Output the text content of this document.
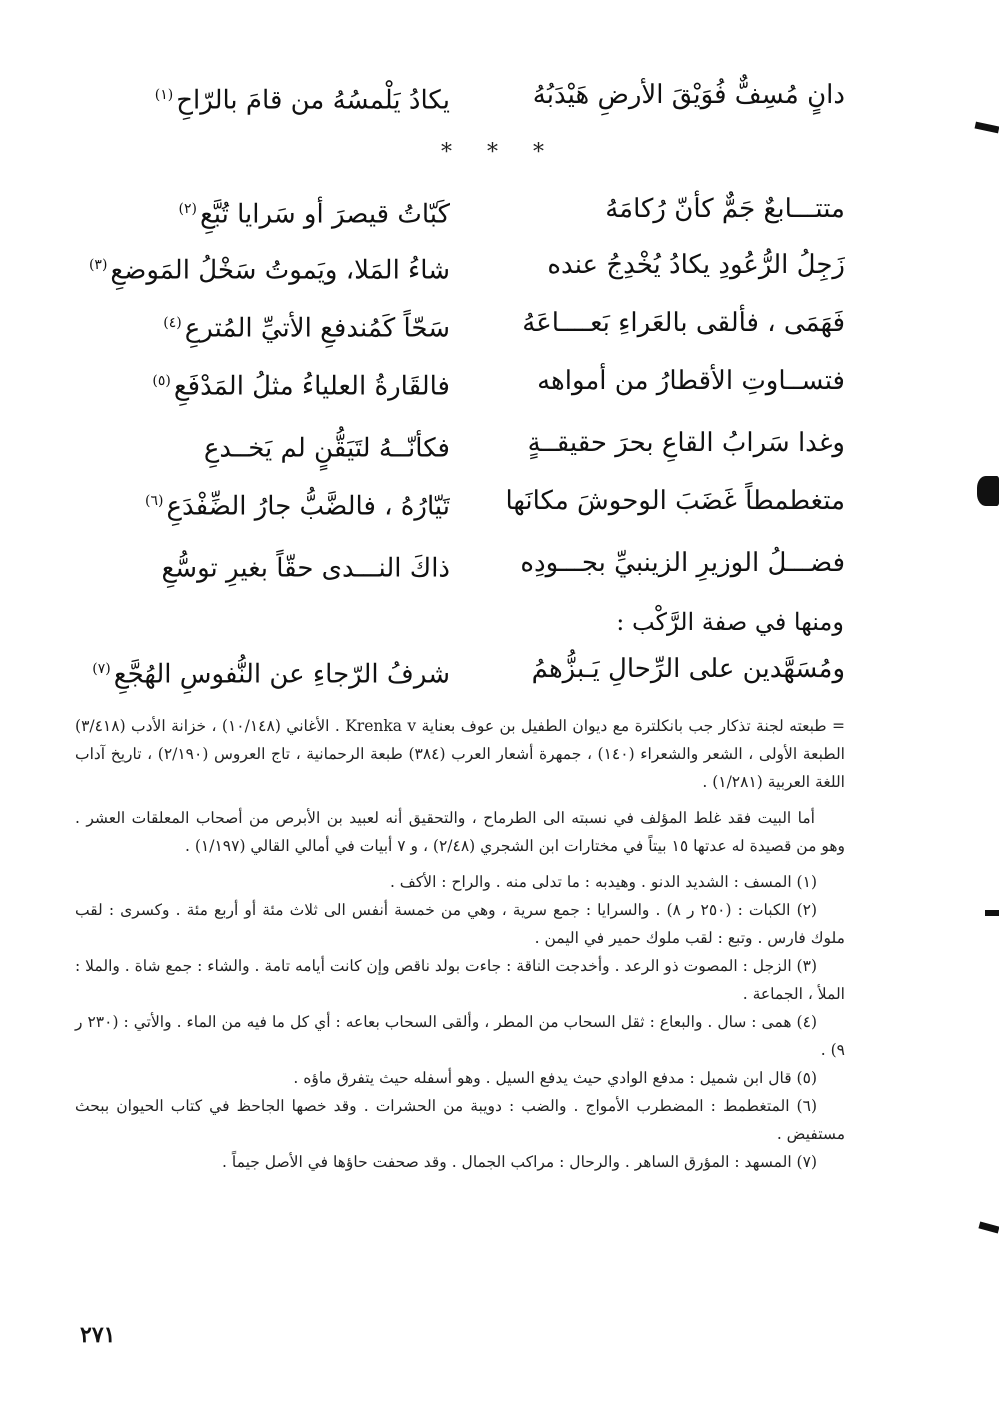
دانٍ مُسِفٌّ فُوَيْقَ الأرضِ هَيْدَبُهُ
يكادُ يَلْمسُهُ من قامَ بالرّاحِ$^{(١)}$
* * *
متتـــابعٌ جَمٌّ كأنّ رُكامَهُ
كَبّاتُ قيصرَ أو سَرايا تُبَّعِ$^{(٢)}$
زَجِلُ الرُّعُودِ يكادُ يُخْدِجُ عنده
شاءُ المَلا، ويَموتُ سَخْلُ المَوضعِ$^{(٣)}$
فَهَمَى ، فألقى بالعَراءِ بَعــــاعَهُ
سَحّاً كَمُندفعِ الأتيِّ المُترعِ$^{(٤)}$
فتســاوتِ الأقطارُ من أمواهه
فالقَارةُ العلياءُ مثلُ المَدْفَعِ$^{(٥)}$
وغدا سَرابُ القاعِ بحرَ حقيقــةٍ
فكأنّــهُ لتَيَقُّنٍ لم يَخــدعِ
متغطمطاً غَضَبَ الوحوشَ مكانَها
تَيّارُهُ ، فالضَّبُّ جارُ الضِّفْدَعِ$^{(٦)}$
فضـــلُ الوزيرِ الزينبيِّ بجـــودِه
ذاكَ النـــدى حقّاً بغيرِ توسُّعِ
ومنها في صفة الرَّكْب :
ومُسَهَّدين على الرِّحالِ يَـبزُّهمُ
شرفُ الرّجاءِ عن النُّفوسِ الهُجَّعِ$^{(٧)}$

= طبعته لجنة تذكار جب بانكلترة مع ديوان الطفيل بن عوف بعناية Krenka v . الأغاني (١٠/١٤٨) ، خزانة الأدب (٣/٤١٨) الطبعة الأولى ، الشعر والشعراء (١٤٠) ، جمهرة أشعار العرب (٣٨٤) طبعة الرحمانية ، تاج العروس (٢/١٩٠) ، تاريخ آداب اللغة العربية (١/٢٨١) .

أما البيت فقد غلط المؤلف في نسبته الى الطرماح ، والتحقيق أنه لعبيد بن الأبرص من أصحاب المعلقات العشر . وهو من قصيدة له عدتها ١٥ بيتاً في مختارات ابن الشجري (٢/٤٨) ، و ٧ أبيات في أمالي القالي (١/١٩٧) .

(١) المسف : الشديد الدنو . وهيدبه : ما تدلى منه . والراح : الأكف .

(٢) الكبات : (٢٥٠ ر ٨) . والسرايا : جمع سرية ، وهي من خمسة أنفس الى ثلاث مئة أو أربع مئة . وكسرى : لقب ملوك فارس . وتبع : لقب ملوك حمير في اليمن .

(٣) الزجل : المصوت ذو الرعد . وأخدجت الناقة : جاءت بولد ناقص وإن كانت أيامه تامة . والشاء : جمع شاة . والملا : الملأ ، الجماعة .

(٤) همى : سال . والبعاع : ثقل السحاب من المطر ، وألقى السحاب بعاعه : أي كل ما فيه من الماء . والأتي : (٢٣٠ ر ٩) .

(٥) قال ابن شميل : مدفع الوادي حيث يدفع السيل . وهو أسفله حيث يتفرق ماؤه .

(٦) المتغطمط : المضطرب الأمواج . والضب : دويبة من الحشرات . وقد خصها الجاحظ في كتاب الحيوان ببحث مستفيض .

(٧) المسهد : المؤرق الساهر . والرحال : مراكب الجمال . وقد صحفت حاؤها في الأصل جيماً .

٢٧١
